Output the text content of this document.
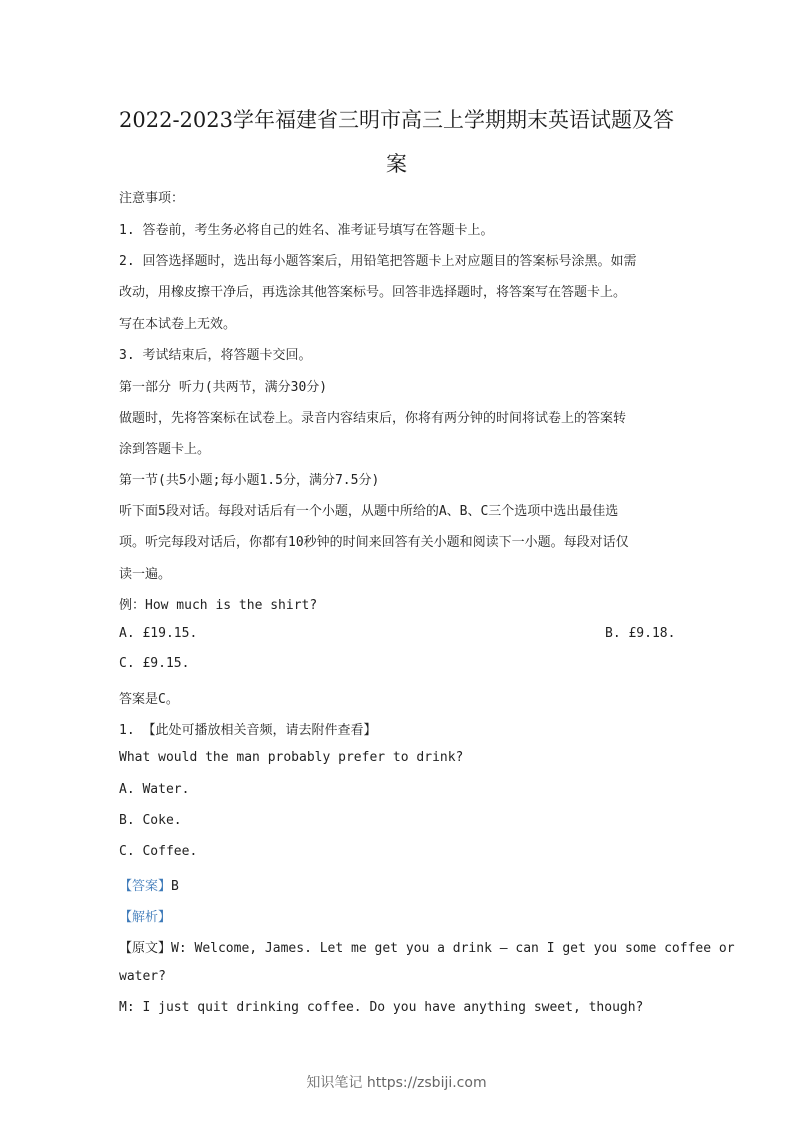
2022-2023学年福建省三明市高三上学期期末英语试题及答
案
注意事项：
1. 答卷前，考生务必将自己的姓名、准考证号填写在答题卡上。
2. 回答选择题时，选出每小题答案后，用铅笔把答题卡上对应题目的答案标号涂黑。如需
改动，用橡皮擦干净后，再选涂其他答案标号。回答非选择题时，将答案写在答题卡上。
写在本试卷上无效。
3. 考试结束后，将答题卡交回。
第一部分 听力(共两节，满分30分)
做题时，先将答案标在试卷上。录音内容结束后，你将有两分钟的时间将试卷上的答案转
涂到答题卡上。
第一节(共5小题;每小题1.5分，满分7.5分)
听下面5段对话。每段对话后有一个小题，从题中所给的A、B、C三个选项中选出最佳选
项。听完每段对话后，你都有10秒钟的时间来回答有关小题和阅读下一小题。每段对话仅
读一遍。
例：How much is the shirt?
A. £19.15.	B. £9.18.
C. £9.15.
答案是C。
1. 【此处可播放相关音频，请去附件查看】
What would the man probably prefer to drink?
A. Water.
B. Coke.
C. Coffee.
【答案】B
【解析】
【原文】W: Welcome, James. Let me get you a drink — can I get you some coffee or
water?
M: I just quit drinking coffee. Do you have anything sweet, though?
知识笔记 https://zsbiji.com
